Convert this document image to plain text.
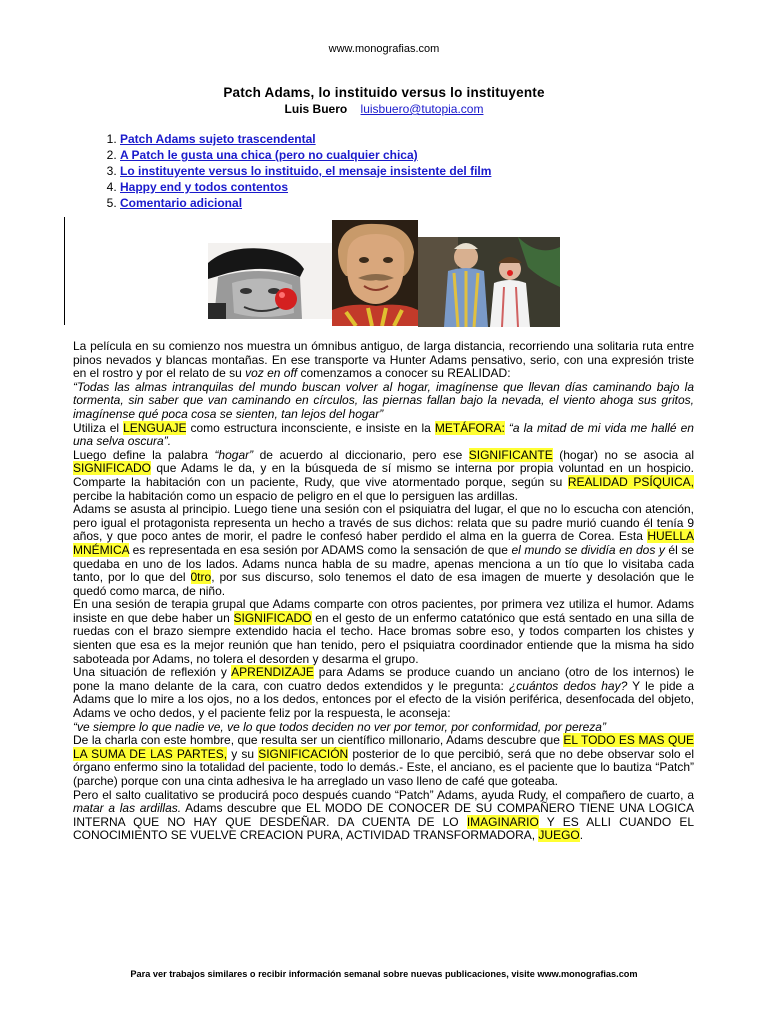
www.monografias.com
Patch Adams, lo instituido versus lo instituyente
Luis Buero luisbuero@tutopia.com
1. Patch Adams sujeto trascendental
2. A Patch le gusta una chica (pero no cualquier chica)
3. Lo instituyente versus lo instituido, el mensaje insistente del film
4. Happy end y todos contentos
5. Comentario adicional

La película en su comienzo nos muestra un ómnibus antiguo, de larga distancia, recorriendo una solitaria ruta entre pinos nevados y blancas montañas. En ese transporte va Hunter Adams pensativo, serio, con una expresión triste en el rostro y por el relato de su voz en off comenzamos a conocer su REALIDAD:

“Todas las almas intranquilas del mundo buscan volver al hogar, imagínense que llevan días caminando bajo la tormenta, sin saber que van caminando en círculos, las piernas fallan bajo la nevada, el viento ahoga sus gritos, imagínense qué poca cosa se sienten, tan lejos del hogar”

Utiliza el LENGUAJE como estructura inconsciente, e insiste en la METÁFORA: “a la mitad de mi vida me hallé en una selva oscura”.

Luego define la palabra “hogar” de acuerdo al diccionario, pero ese SIGNIFICANTE (hogar) no se asocia al SIGNIFICADO que Adams le da, y en la búsqueda de sí mismo se interna por propia voluntad en un hospicio. Comparte la habitación con un paciente, Rudy, que vive atormentado porque, según su REALIDAD PSÍQUICA, percibe la habitación como un espacio de peligro en el que lo persiguen las ardillas.

Adams se asusta al principio. Luego tiene una sesión con el psiquiatra del lugar, el que no lo escucha con atención, pero igual el protagonista representa un hecho a través de sus dichos: relata que su padre murió cuando él tenía 9 años, y que poco antes de morir, el padre le confesó haber perdido el alma en la guerra de Corea. Esta HUELLA MNÉMICA es representada en esa sesión por ADAMS como la sensación de que el mundo se dividía en dos y él se quedaba en uno de los lados. Adams nunca habla de su madre, apenas menciona a un tío que lo visitaba cada tanto, por lo que del 0tro, por sus discurso, solo tenemos el dato de esa imagen de muerte y desolación que le quedó como marca, de niño.

En una sesión de terapia grupal que Adams comparte con otros pacientes, por primera vez utiliza el humor. Adams insiste en que debe haber un SIGNIFICADO en el gesto de un enfermo catatónico que está sentado en una silla de ruedas con el brazo siempre extendido hacia el techo. Hace bromas sobre eso, y todos comparten los chistes y sienten que esa es la mejor reunión que han tenido, pero el psiquiatra coordinador entiende que la misma ha sido saboteada por Adams, no tolera el desorden y desarma el grupo.

Una situación de reflexión y APRENDIZAJE para Adams se produce cuando un anciano (otro de los internos) le pone la mano delante de la cara, con cuatro dedos extendidos y le pregunta: ¿cuántos dedos hay? Y le pide a Adams que lo mire a los ojos, no a los dedos, entonces por el efecto de la visión periférica, desenfocada del objeto, Adams ve ocho dedos, y el paciente feliz por la respuesta, le aconseja:

“ve siempre lo que nadie ve, ve lo que todos deciden no ver por temor, por conformidad, por pereza”

De la charla con este hombre, que resulta ser un científico millonario, Adams descubre que EL TODO ES MAS QUE LA SUMA DE LAS PARTES, y su SIGNIFICACIÓN posterior de lo que percibió, será que no debe observar solo el órgano enfermo sino la totalidad del paciente, todo lo demás.- Este, el anciano, es el paciente que lo bautiza “Patch” (parche) porque con una cinta adhesiva le ha arreglado un vaso lleno de café que goteaba.

Pero el salto cualitativo se producirá poco después cuando “Patch” Adams, ayuda Rudy, el compañero de cuarto, a matar a las ardillas. Adams descubre que EL MODO DE CONOCER DE SU COMPAÑERO TIENE UNA LOGICA INTERNA QUE NO HAY QUE DESDEÑAR. DA CUENTA DE LO IMAGINARIO Y ES ALLI CUANDO EL CONOCIMIENTO SE VUELVE CREACION PURA, ACTIVIDAD TRANSFORMADORA, JUEGO.

Para ver trabajos similares o recibir información semanal sobre nuevas publicaciones, visite www.monografias.com
